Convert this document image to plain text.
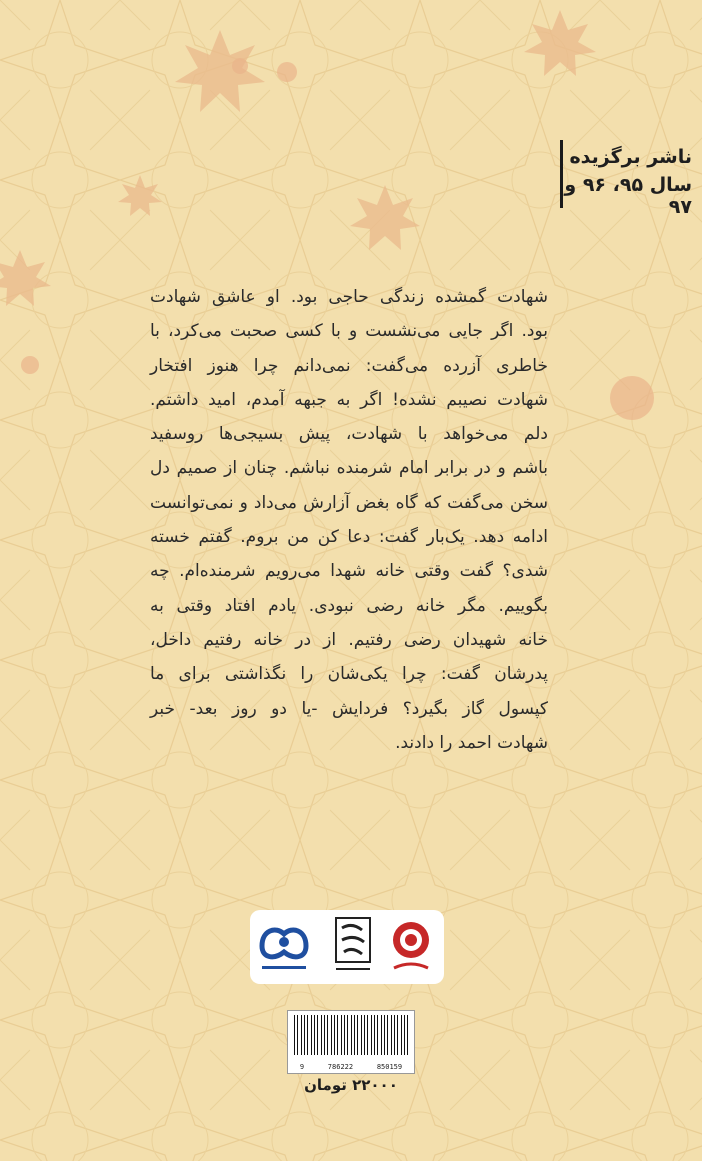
ناشر برگزیده
سال ۹۵، ۹۶ و ۹۷
شهادت گمشده زندگی حاجی بود. او عاشق شهادت
بود. اگر جایی می‌نشست و با کسی صحبت می‌کرد، با
خاطری آزرده می‌گفت: نمی‌دانم چرا هنوز افتخار
شهادت نصیبم نشده! اگر به جبهه آمدم، امید داشتم.
دلم می‌خواهد با شهادت، پیش بسیجی‌ها روسفید
باشم و در برابر امام شرمنده نباشم. چنان از صمیم دل
سخن می‌گفت که گاه بغض آزارش می‌داد و نمی‌توانست
ادامه دهد. یک‌بار گفت: دعا کن من بروم. گفتم خسته
شدی؟ گفت وقتی خانه شهدا می‌رویم شرمنده‌ام. چه
بگوییم. مگر خانه رضی نبودی. یادم افتاد وقتی به
خانه شهیدان رضی رفتیم. از در خانه رفتیم داخل،
پدرشان گفت: چرا یکی‌شان را نگذاشتی برای ما
کپسول گاز بگیرد؟ فردایش -یا دو روز بعد- خبر
شهادت احمد را دادند.
9	786222	850159
۲۲۰۰۰ تومان
